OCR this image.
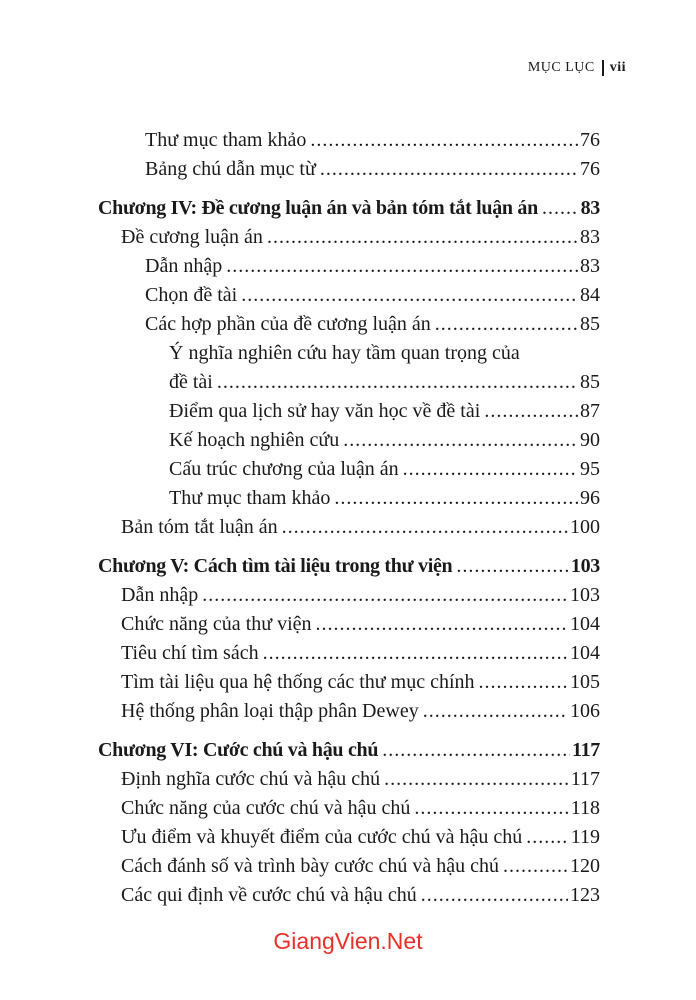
MỤC LỤC vii
Thư mục tham khảo .....	76
Bảng chú dẫn mục từ .....	76
Chương IV: Đề cương luận án và bản tóm tắt luận án ..... 83
Đề cương luận án .....	83
Dẫn nhập .....	83
Chọn đề tài .....	84
Các hợp phần của đề cương luận án .....	85
Ý nghĩa nghiên cứu hay tầm quan trọng của
đề tài .....	85
Điểm qua lịch sử hay văn học về đề tài .....	87
Kế hoạch nghiên cứu .....	90
Cấu trúc chương của luận án .....	95
Thư mục tham khảo .....	96
Bản tóm tắt luận án .....	100
Chương V: Cách tìm tài liệu trong thư viện .....	103
Dẫn nhập .....	103
Chức năng của thư viện .....	104
Tiêu chí tìm sách .....	104
Tìm tài liệu qua hệ thống các thư mục chính .....	105
Hệ thống phân loại thập phân Dewey .....	106
Chương VI: Cước chú và hậu chú .....	117
Định nghĩa cước chú và hậu chú .....	117
Chức năng của cước chú và hậu chú .....	118
Ưu điểm và khuyết điểm của cước chú và hậu chú ..... 119
Cách đánh số và trình bày cước chú và hậu chú .....	120
Các qui định về cước chú và hậu chú .....	123
GiangVien.Net
